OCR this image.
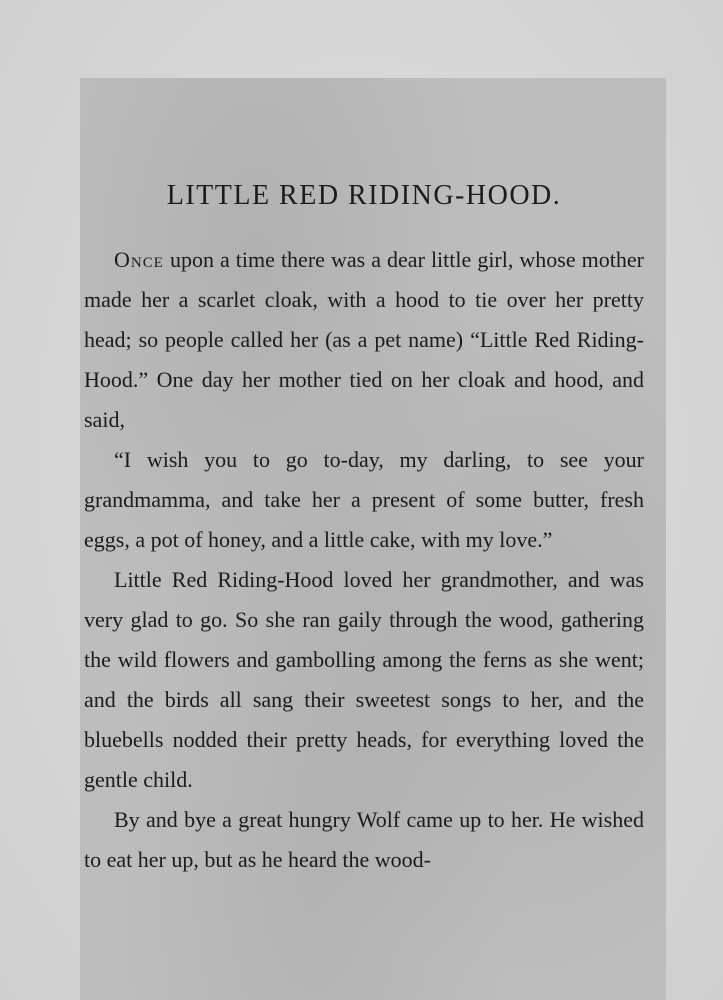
LITTLE RED RIDING-HOOD.

Once upon a time there was a dear little girl, whose mother made her a scarlet cloak, with a hood to tie over her pretty head; so people called her (as a pet name) “Little Red Riding-Hood.” One day her mother tied on her cloak and hood, and said,

“I wish you to go to-day, my darling, to see your grandmamma, and take her a present of some butter, fresh eggs, a pot of honey, and a little cake, with my love.”

Little Red Riding-Hood loved her grandmother, and was very glad to go. So she ran gaily through the wood, gathering the wild flowers and gambolling among the ferns as she went; and the birds all sang their sweetest songs to her, and the bluebells nodded their pretty heads, for everything loved the gentle child.

By and bye a great hungry Wolf came up to her. He wished to eat her up, but as he heard the wood-
